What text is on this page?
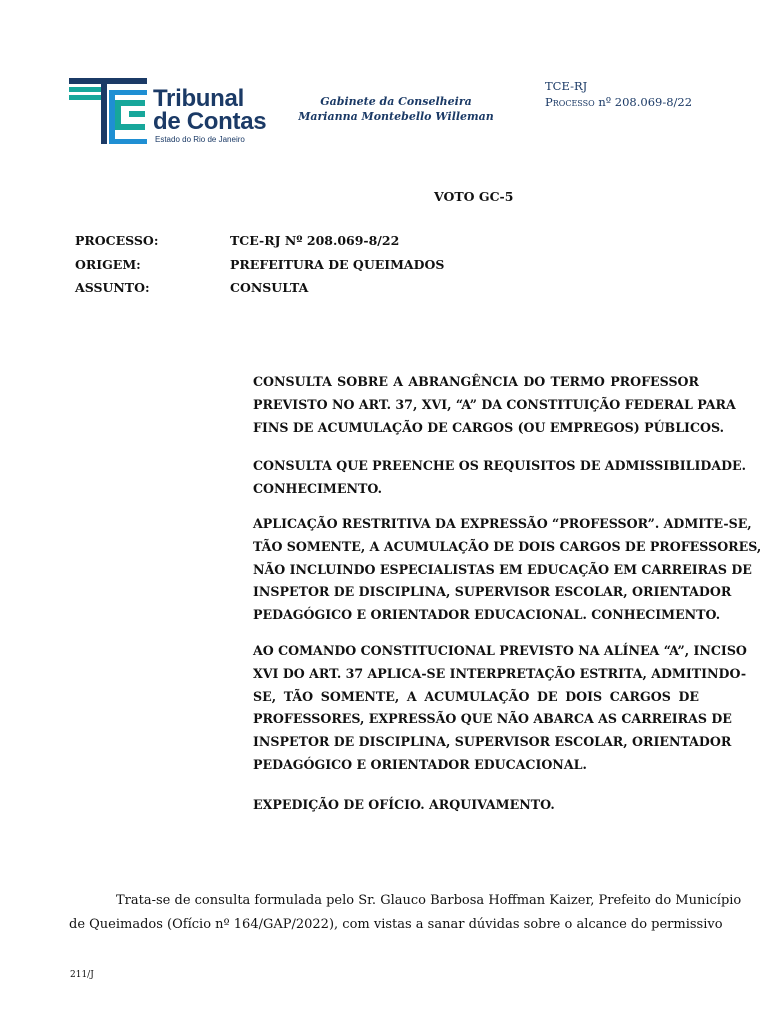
Tribunal
de Contas
Estado do Rio de Janeiro
Gabinete da Conselheira
Marianna Montebello Willeman
TCE-RJ
Processo nº 208.069-8/22
VOTO GC-5
PROCESSO:	TCE-RJ Nº 208.069-8/22
ORIGEM:	PREFEITURA DE QUEIMADOS
ASSUNTO:	CONSULTA
CONSULTA SOBRE A ABRANGÊNCIA DO TERMO PROFESSOR
PREVISTO NO ART. 37, XVI, “A” DA CONSTITUIÇÃO FEDERAL PARA
FINS DE ACUMULAÇÃO DE CARGOS (OU EMPREGOS) PÚBLICOS.
CONSULTA QUE PREENCHE OS REQUISITOS DE ADMISSIBILIDADE.
CONHECIMENTO.
APLICAÇÃO RESTRITIVA DA EXPRESSÃO “PROFESSOR”. ADMITE-SE,
TÃO SOMENTE, A ACUMULAÇÃO DE DOIS CARGOS DE PROFESSORES,
NÃO INCLUINDO ESPECIALISTAS EM EDUCAÇÃO EM CARREIRAS DE
INSPETOR DE DISCIPLINA, SUPERVISOR ESCOLAR, ORIENTADOR
PEDAGÓGICO E ORIENTADOR EDUCACIONAL. CONHECIMENTO.
AO COMANDO CONSTITUCIONAL PREVISTO NA ALÍNEA “A”, INCISO
XVI DO ART. 37 APLICA-SE INTERPRETAÇÃO ESTRITA, ADMITINDO-
SE, TÃO SOMENTE, A ACUMULAÇÃO DE DOIS CARGOS DE
PROFESSORES, EXPRESSÃO QUE NÃO ABARCA AS CARREIRAS DE
INSPETOR DE DISCIPLINA, SUPERVISOR ESCOLAR, ORIENTADOR
PEDAGÓGICO E ORIENTADOR EDUCACIONAL.
EXPEDIÇÃO DE OFÍCIO. ARQUIVAMENTO.
Trata-se de consulta formulada pelo Sr. Glauco Barbosa Hoffman Kaizer, Prefeito do Município
de Queimados (Ofício nº 164/GAP/2022), com vistas a sanar dúvidas sobre o alcance do permissivo
211/J
